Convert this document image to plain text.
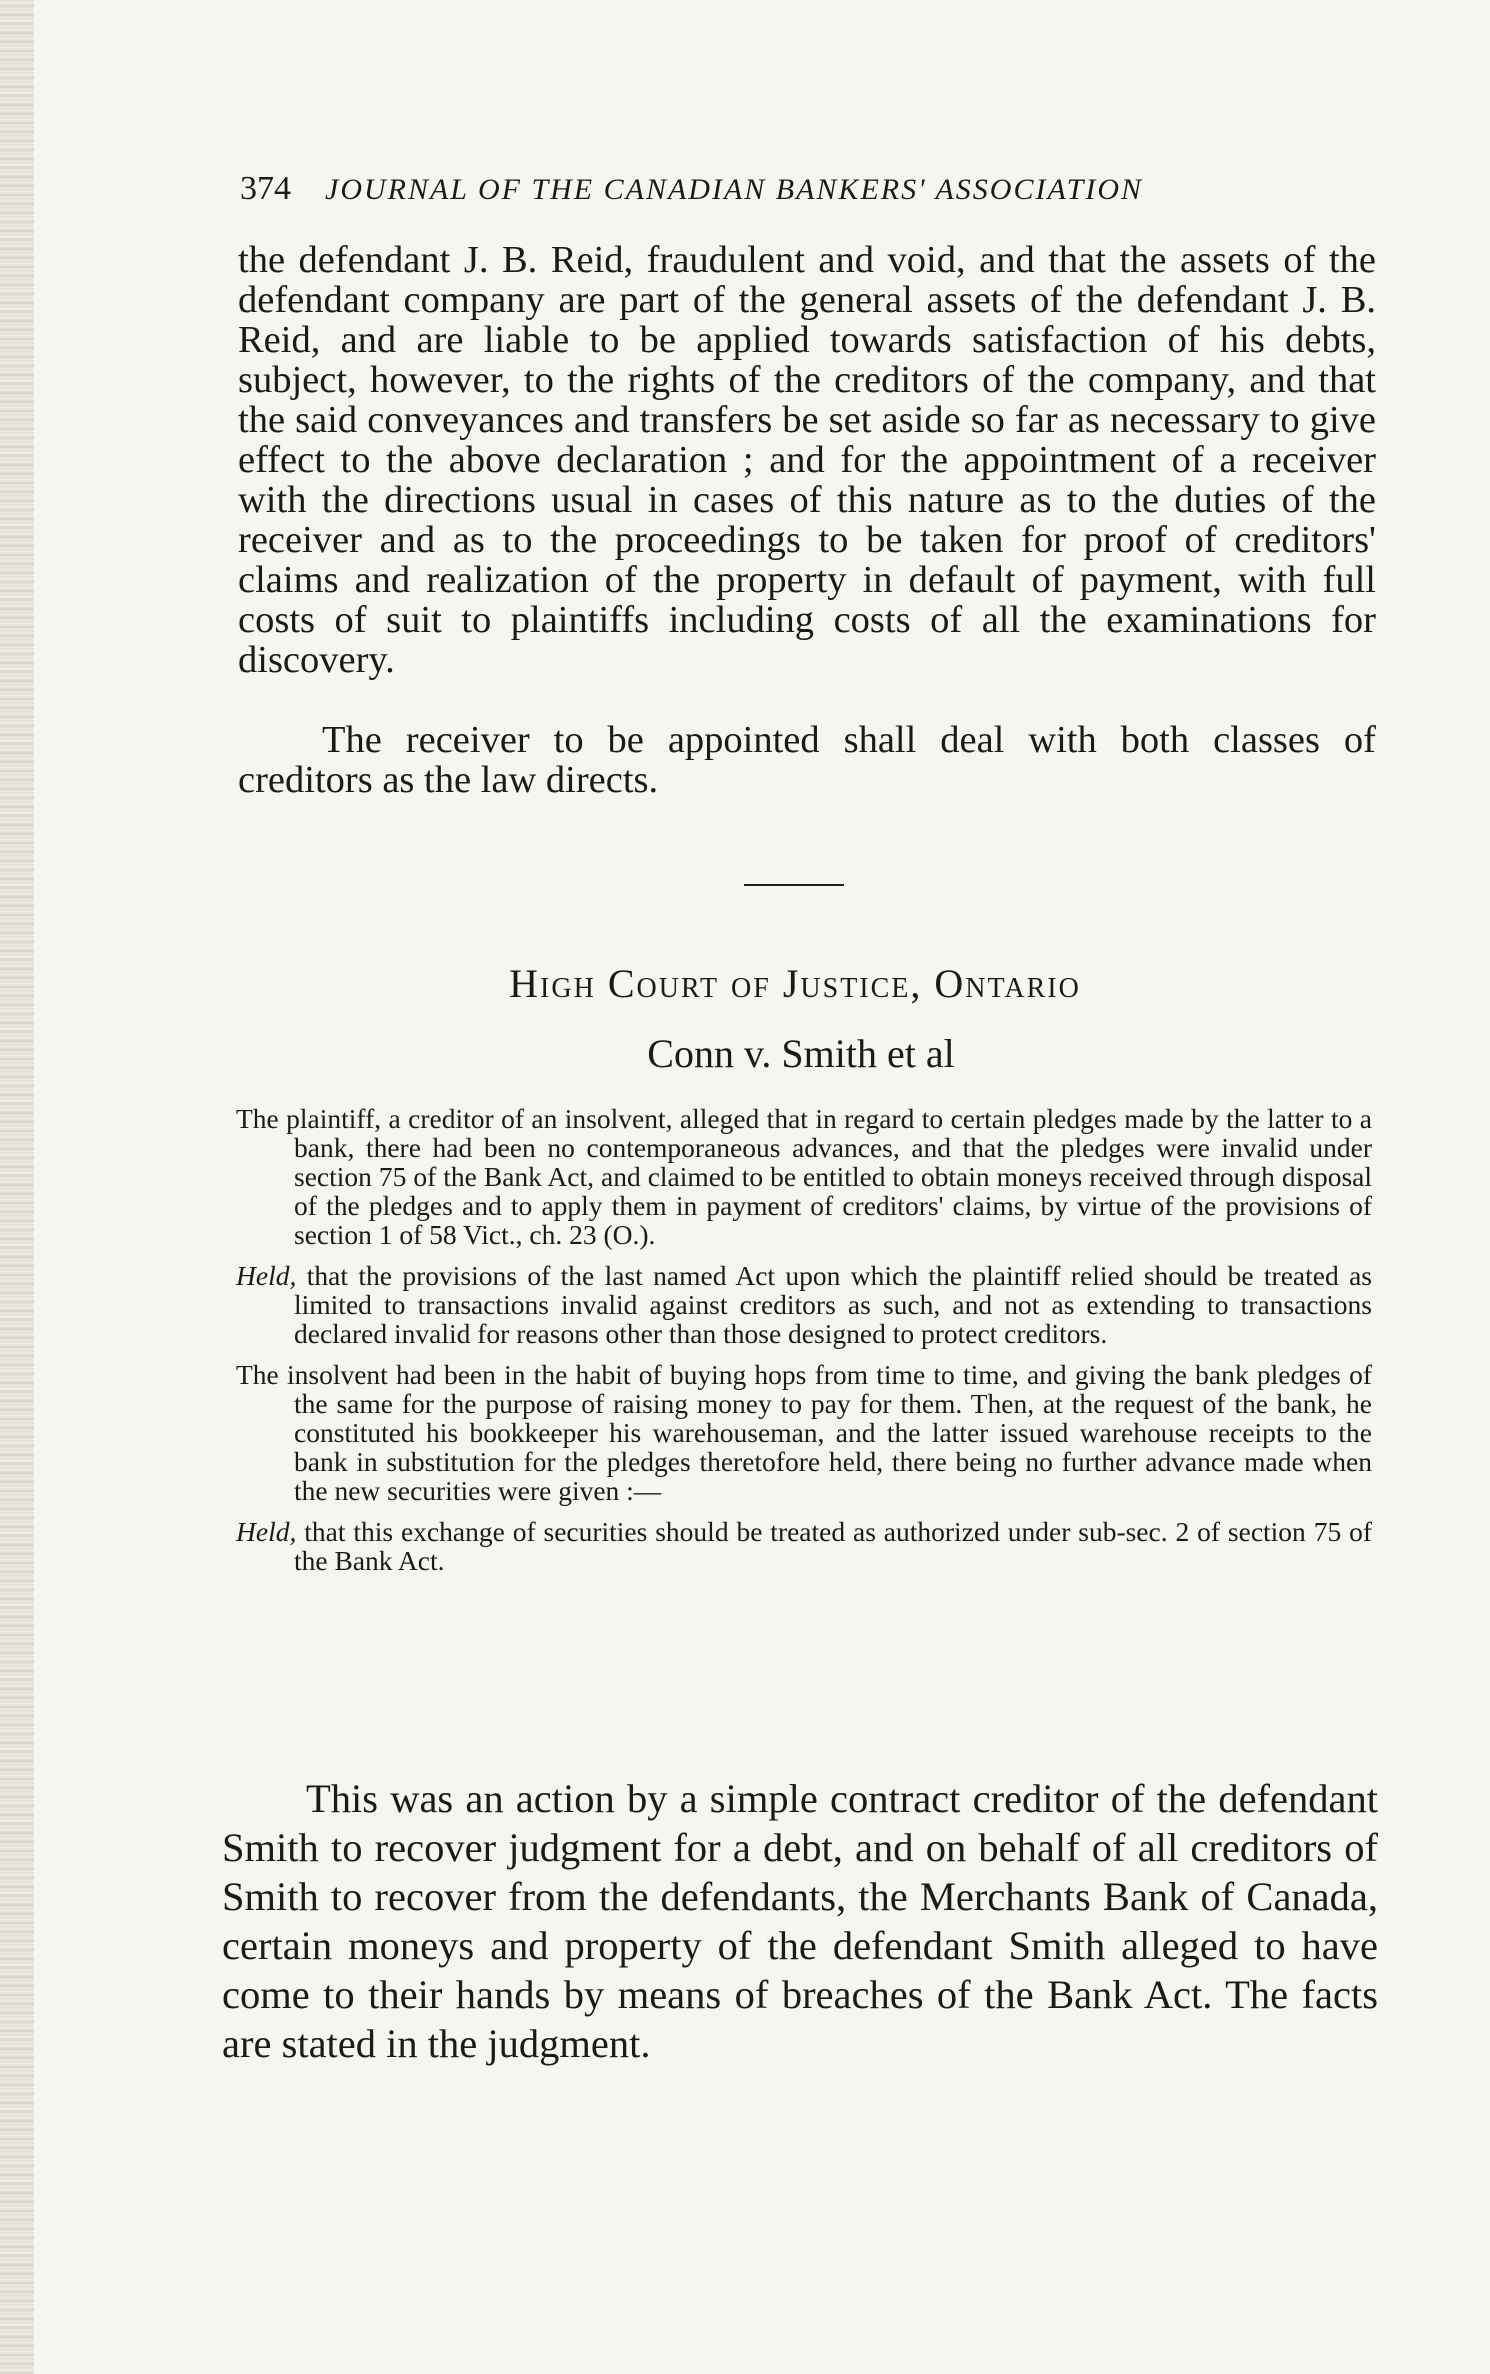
374 JOURNAL OF THE CANADIAN BANKERS' ASSOCIATION

the defendant J. B. Reid, fraudulent and void, and that the assets of the defendant company are part of the general assets of the defendant J. B. Reid, and are liable to be applied towards satisfaction of his debts, subject, however, to the rights of the creditors of the company, and that the said conveyances and transfers be set aside so far as necessary to give effect to the above declaration ; and for the appointment of a receiver with the directions usual in cases of this nature as to the duties of the receiver and as to the proceedings to be taken for proof of creditors' claims and realization of the property in default of payment, with full costs of suit to plaintiffs including costs of all the examinations for discovery.

The receiver to be appointed shall deal with both classes of creditors as the law directs.

High Court of Justice, Ontario
Conn v. Smith et al

The plaintiff, a creditor of an insolvent, alleged that in regard to certain pledges made by the latter to a bank, there had been no contemporaneous advances, and that the pledges were invalid under section 75 of the Bank Act, and claimed to be entitled to obtain moneys received through disposal of the pledges and to apply them in payment of creditors' claims, by virtue of the provisions of section 1 of 58 Vict., ch. 23 (O.).

Held, that the provisions of the last named Act upon which the plaintiff relied should be treated as limited to transactions invalid against creditors as such, and not as extending to transactions declared invalid for reasons other than those designed to protect creditors.

The insolvent had been in the habit of buying hops from time to time, and giving the bank pledges of the same for the purpose of raising money to pay for them. Then, at the request of the bank, he constituted his bookkeeper his warehouseman, and the latter issued warehouse receipts to the bank in substitution for the pledges theretofore held, there being no further advance made when the new securities were given :—

Held, that this exchange of securities should be treated as authorized under sub-sec. 2 of section 75 of the Bank Act.

This was an action by a simple contract creditor of the defendant Smith to recover judgment for a debt, and on behalf of all creditors of Smith to recover from the defendants, the Merchants Bank of Canada, certain moneys and property of the defendant Smith alleged to have come to their hands by means of breaches of the Bank Act. The facts are stated in the judgment.
